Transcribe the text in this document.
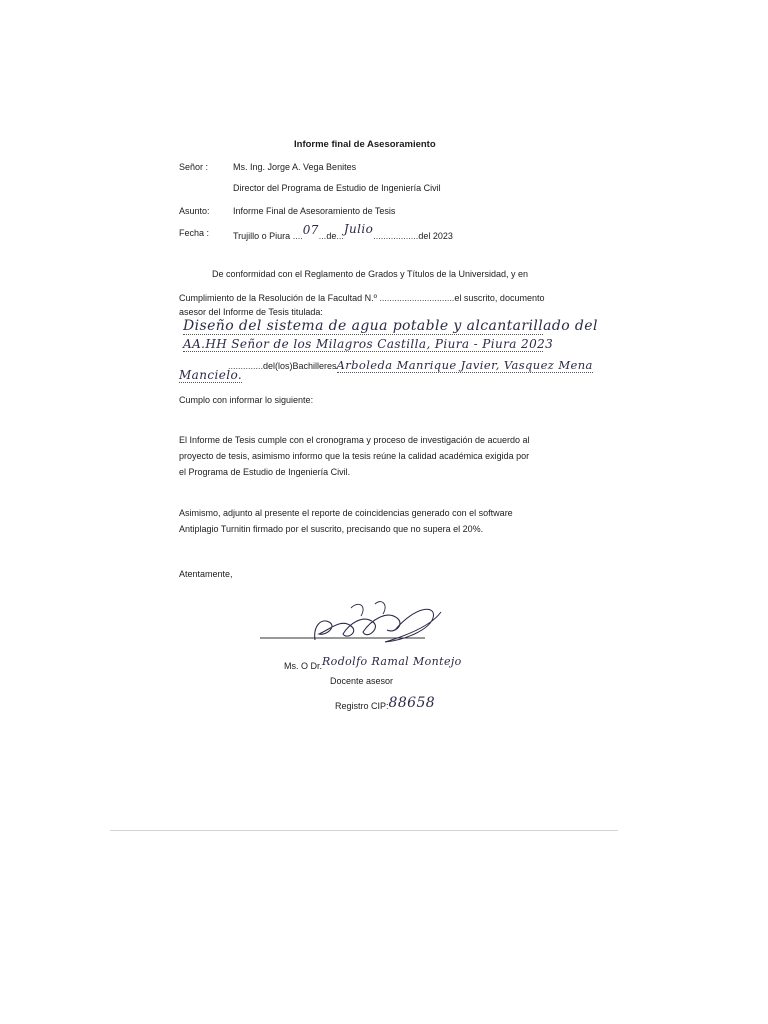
Informe final de Asesoramiento
Señor :	Ms. Ing. Jorge A. Vega Benites
Director del Programa de Estudio de Ingeniería Civil
Asunto:	Informe Final de Asesoramiento de Tesis
Fecha :	Trujillo o Piura ....07...de...Julio..................del 2023
De conformidad con el Reglamento de Grados y Títulos de la Universidad, y en
Cumplimiento de la Resolución de la Facultad N.º ..............................el suscrito, documento
asesor del Informe de Tesis titulada:
Diseño del sistema de agua potable y alcantarillado del
AA.HH Señor de los Milagros Castilla, Piura - Piura 2023
..............del(los)BachilleresArboleda Manrique Javier, Vasquez Mena
Mancielo.
Cumplo con informar lo siguiente:
El Informe de Tesis cumple con el cronograma y proceso de investigación de acuerdo al
proyecto de tesis, asimismo informo que la tesis reúne la calidad académica exigida por
el Programa de Estudio de Ingeniería Civil.
Asimismo, adjunto al presente el reporte de coincidencias generado con el software
Antiplagio Turnitin firmado por el suscrito, precisando que no supera el 20%.
Atentamente,
Ms. O Dr.Rodolfo Ramal Montejo
Docente asesor
Registro CIP:88658
